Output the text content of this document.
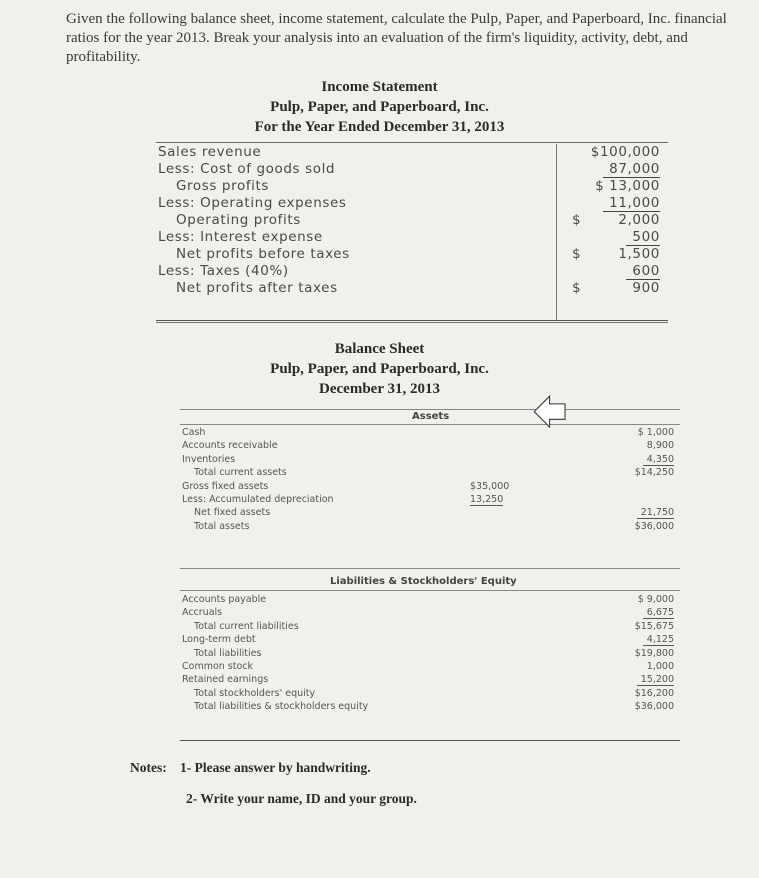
Given the following balance sheet, income statement, calculate the Pulp, Paper, and Paperboard, Inc. financial ratios for the year 2013. Break your analysis into an evaluation of the firm's liquidity, activity, debt, and profitability.
Income Statement
Pulp, Paper, and Paperboard, Inc.
For the Year Ended December 31, 2013
Sales revenue	$100,000
Less: Cost of goods sold	87,000
Gross profits	$ 13,000
Less: Operating expenses	11,000
Operating profits	$	2,000
Less: Interest expense	500
Net profits before taxes	$	1,500
Less: Taxes (40%)	600
Net profits after taxes	$	900
Balance Sheet
Pulp, Paper, and Paperboard, Inc.
December 31, 2013
Assets
Cash	$ 1,000
Accounts receivable	8,900
Inventories	4,350
Total current assets	$14,250
Gross fixed assets	$35,000
Less: Accumulated depreciation	13,250
Net fixed assets	21,750
Total assets	$36,000
Liabilities & Stockholders' Equity
Accounts payable	$ 9,000
Accruals	6,675
Total current liabilities	$15,675
Long-term debt	4,125
Total liabilities	$19,800
Common stock	1,000
Retained earnings	15,200
Total stockholders' equity	$16,200
Total liabilities & stockholders equity	$36,000
Notes: 1- Please answer by handwriting.
2- Write your name, ID and your group.
